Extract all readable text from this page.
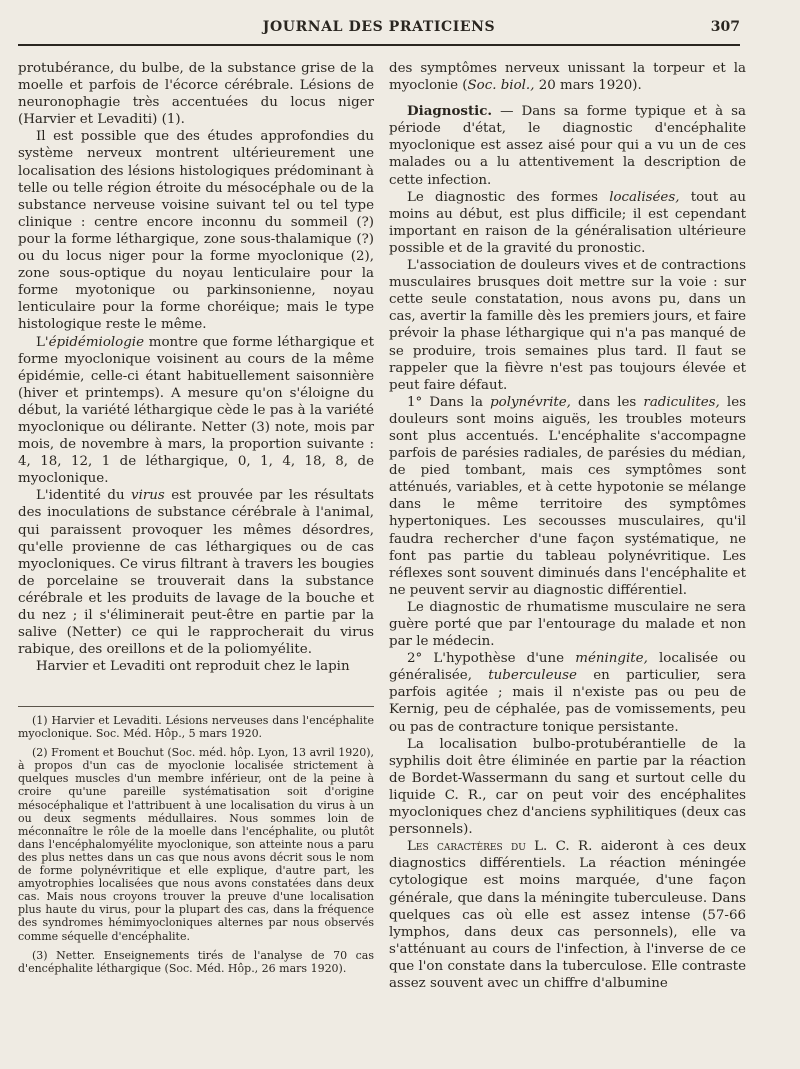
JOURNAL DES PRATICIENS	307

protubérance, du bulbe, de la substance grise de la moelle et parfois de l'écorce cérébrale. Lésions de neuronophagie très accentuées du locus niger (Harvier et Levaditi) (1).

Il est possible que des études approfondies du système nerveux montrent ultérieurement une localisation des lésions histologiques prédominant à telle ou telle région étroite du mésocéphale ou de la substance nerveuse voisine suivant tel ou tel type clinique : centre encore inconnu du sommeil (?) pour la forme léthargique, zone sous-thalamique (?) ou du locus niger pour la forme myoclonique (2), zone sous-optique du noyau lenticulaire pour la forme myotonique ou parkinsonienne, noyau lenticulaire pour la forme choréique; mais le type histologique reste le même.

L'épidémiologie montre que forme léthargique et forme myoclonique voisinent au cours de la même épidémie, celle-ci étant habituellement saisonnière (hiver et printemps). A mesure qu'on s'éloigne du début, la variété léthargique cède le pas à la variété myoclonique ou délirante. Netter (3) note, mois par mois, de novembre à mars, la proportion suivante : 4, 18, 12, 1 de léthargique, 0, 1, 4, 18, 8, de myoclonique.

L'identité du virus est prouvée par les résultats des inoculations de substance cérébrale à l'animal, qui paraissent provoquer les mêmes désordres, qu'elle provienne de cas léthargiques ou de cas myocloniques. Ce virus filtrant à travers les bougies de porcelaine se trouverait dans la substance cérébrale et les produits de lavage de la bouche et du nez ; il s'éliminerait peut-être en partie par la salive (Netter) ce qui le rapprocherait du virus rabique, des oreillons et de la poliomyélite.

Harvier et Levaditi ont reproduit chez le lapin

(1) Harvier et Levaditi. Lésions nerveuses dans l'encéphalite myoclonique. Soc. Méd. Hôp., 5 mars 1920.

(2) Froment et Bouchut (Soc. méd. hôp. Lyon, 13 avril 1920), à propos d'un cas de myoclonie localisée strictement à quelques muscles d'un membre inférieur, ont de la peine à croire qu'une pareille systématisation soit d'origine mésocéphalique et l'attribuent à une localisation du virus à un ou deux segments médullaires. Nous sommes loin de méconnaître le rôle de la moelle dans l'encéphalite, ou plutôt dans l'encéphalomyélite myoclonique, son atteinte nous a paru des plus nettes dans un cas que nous avons décrit sous le nom de forme polynévritique et elle explique, d'autre part, les amyotrophies localisées que nous avons constatées dans deux cas. Mais nous croyons trouver la preuve d'une localisation plus haute du virus, pour la plupart des cas, dans la fréquence des syndromes hémimyocloniques alternes par nous observés comme séquelle d'encéphalite.

(3) Netter. Enseignements tirés de l'analyse de 70 cas d'encéphalite léthargique (Soc. Méd. Hôp., 26 mars 1920).

des symptômes nerveux unissant la torpeur et la myoclonie (Soc. biol., 20 mars 1920).

Diagnostic. — Dans sa forme typique et à sa période d'état, le diagnostic d'encéphalite myoclonique est assez aisé pour qui a vu un de ces malades ou a lu attentivement la description de cette infection.

Le diagnostic des formes localisées, tout au moins au début, est plus difficile; il est cependant important en raison de la généralisation ultérieure possible et de la gravité du pronostic.

L'association de douleurs vives et de contractions musculaires brusques doit mettre sur la voie : sur cette seule constatation, nous avons pu, dans un cas, avertir la famille dès les premiers jours, et faire prévoir la phase léthargique qui n'a pas manqué de se produire, trois semaines plus tard. Il faut se rappeler que la fièvre n'est pas toujours élevée et peut faire défaut.

1° Dans la polynévrite, dans les radiculites, les douleurs sont moins aiguës, les troubles moteurs sont plus accentués. L'encéphalite s'accompagne parfois de parésies radiales, de parésies du médian, de pied tombant, mais ces symptômes sont atténués, variables, et à cette hypotonie se mélange dans le même territoire des symptômes hypertoniques. Les secousses musculaires, qu'il faudra rechercher d'une façon systématique, ne font pas partie du tableau polynévritique. Les réflexes sont souvent diminués dans l'encéphalite et ne peuvent servir au diagnostic différentiel.

Le diagnostic de rhumatisme musculaire ne sera guère porté que par l'entourage du malade et non par le médecin.

2° L'hypothèse d'une méningite, localisée ou généralisée, tuberculeuse en particulier, sera parfois agitée ; mais il n'existe pas ou peu de Kernig, peu de céphalée, pas de vomissements, peu ou pas de contracture tonique persistante.

La localisation bulbo-protubérantielle de la syphilis doit être éliminée en partie par la réaction de Bordet-Wassermann du sang et surtout celle du liquide C. R., car on peut voir des encéphalites myocloniques chez d'anciens syphilitiques (deux cas personnels).

Les caractères du L. C. R. aideront à ces deux diagnostics différentiels. La réaction méningée cytologique est moins marquée, d'une façon générale, que dans la méningite tuberculeuse. Dans quelques cas où elle est assez intense (57-66 lymphos, dans deux cas personnels), elle va s'atténuant au cours de l'infection, à l'inverse de ce que l'on constate dans la tuberculose. Elle contraste assez souvent avec un chiffre d'albumine
